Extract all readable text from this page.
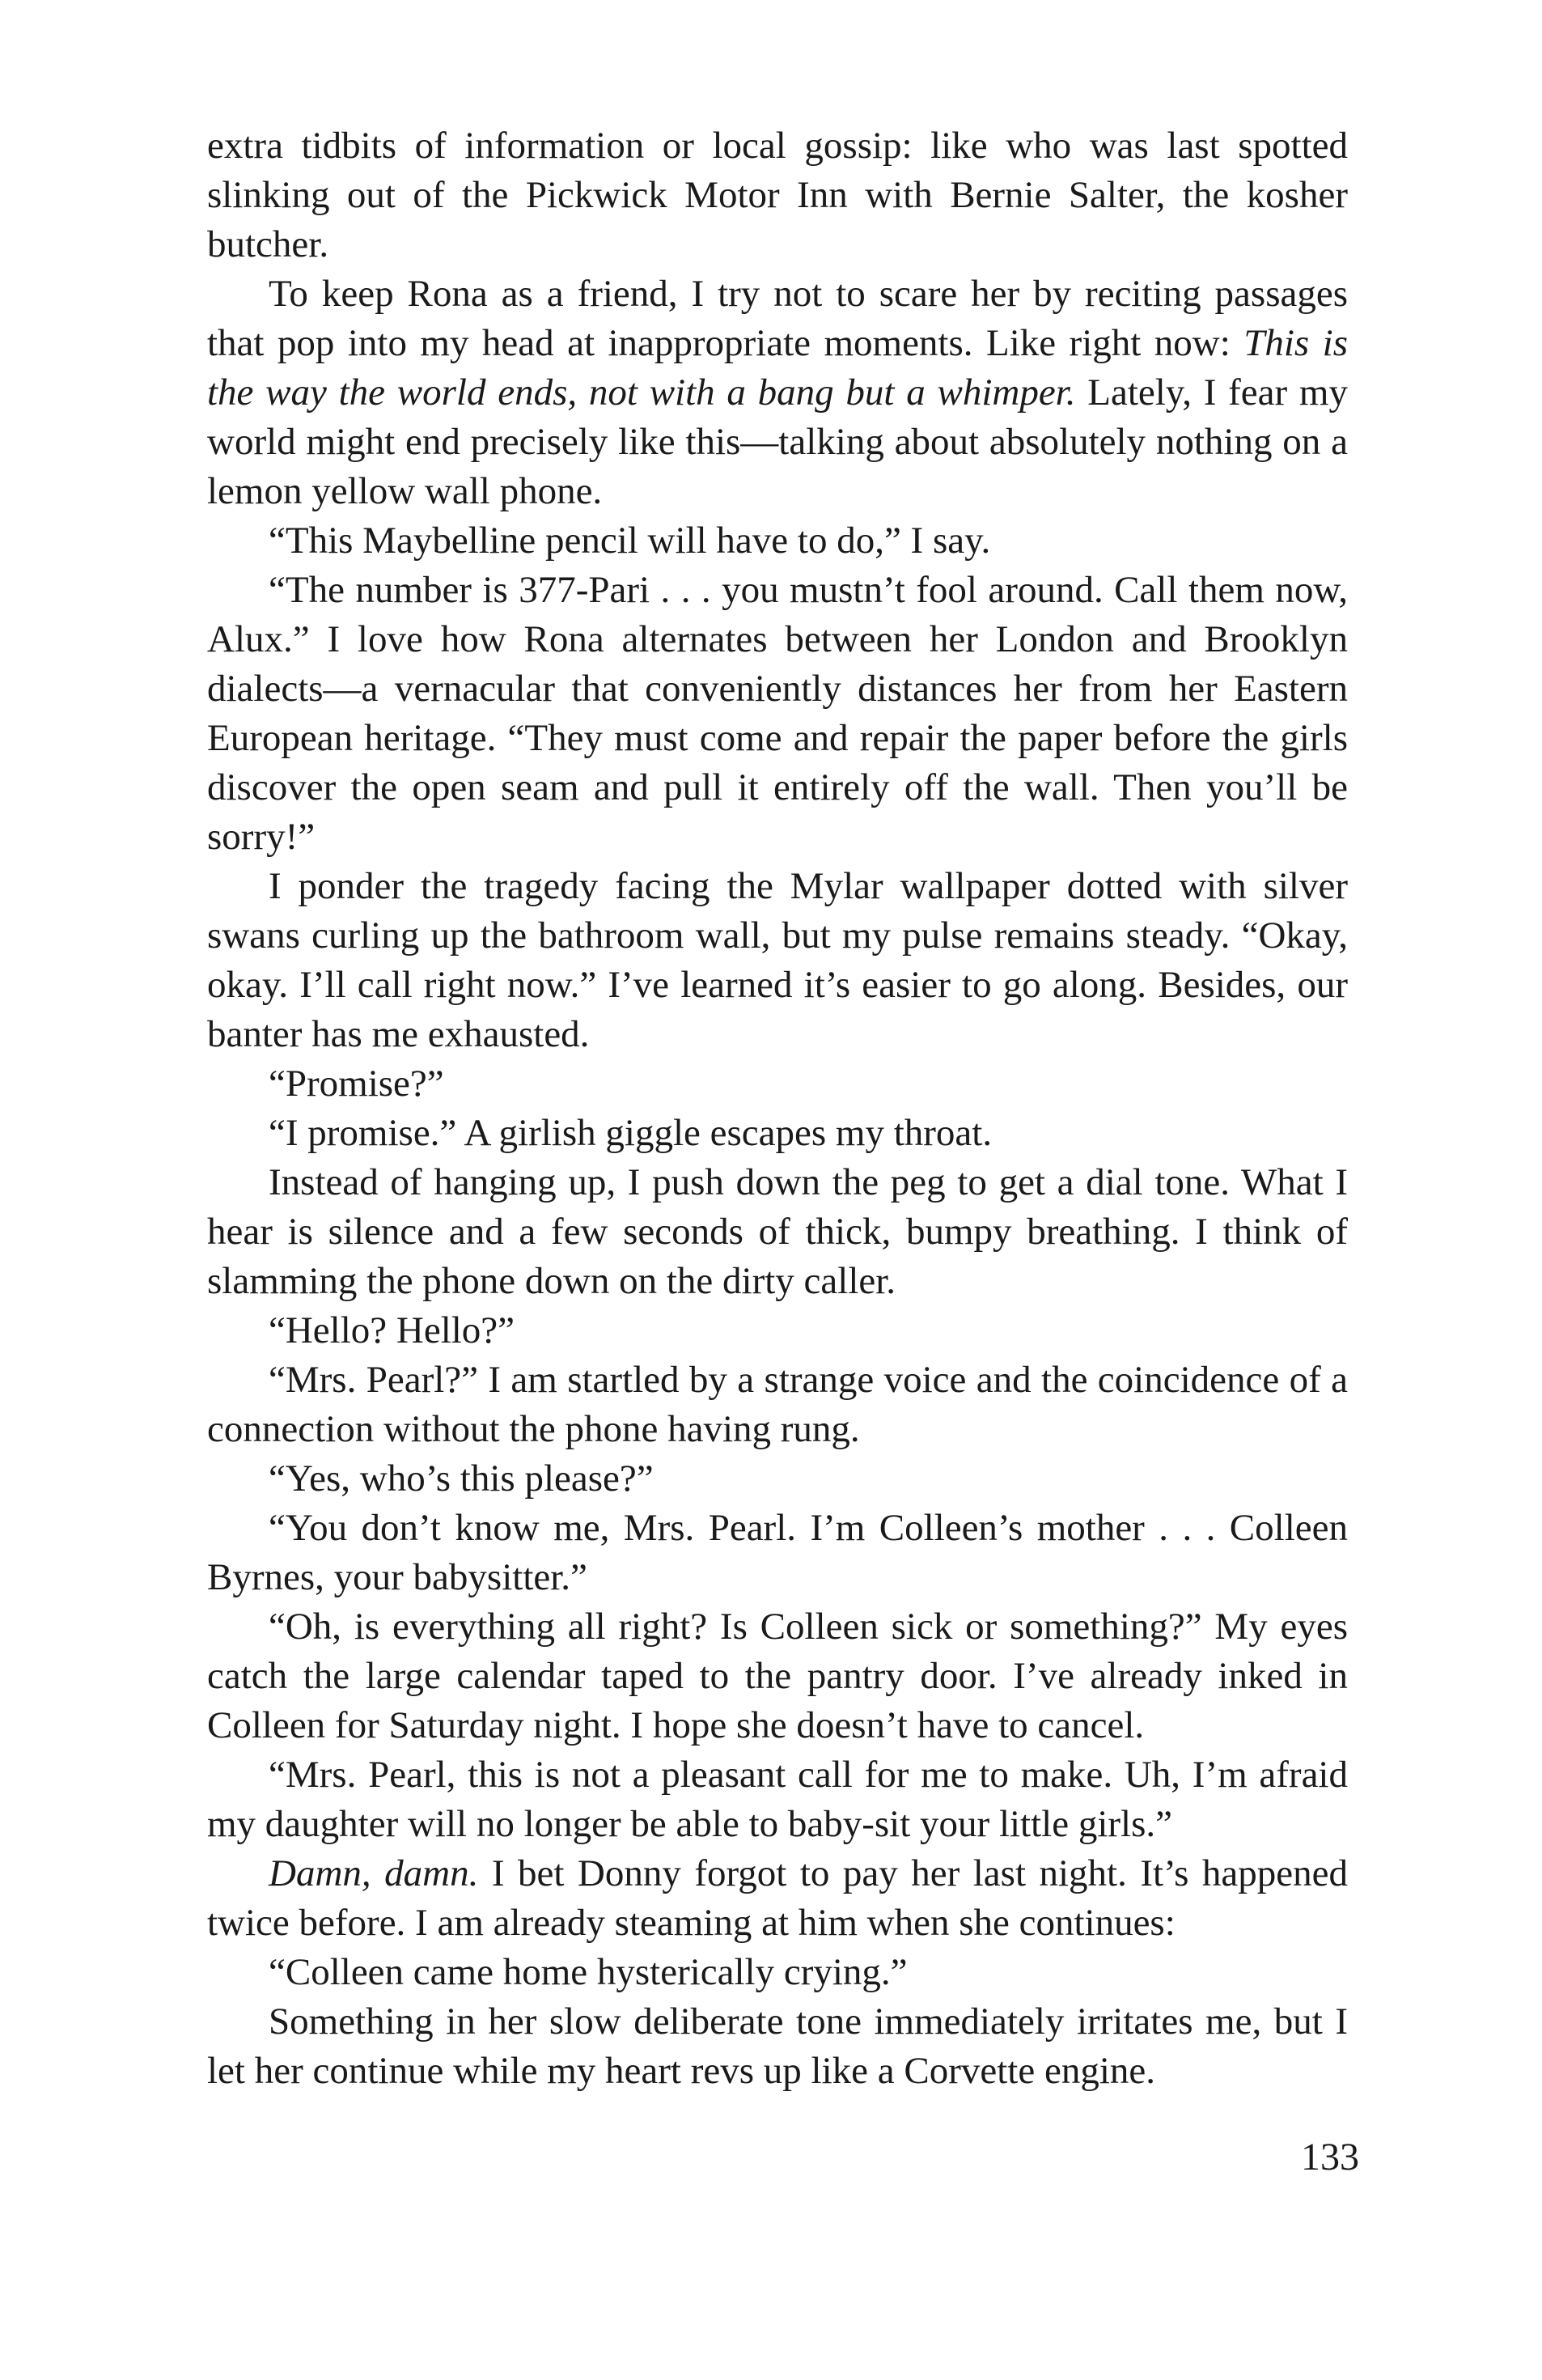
extra tidbits of information or local gossip: like who was last spotted slinking out of the Pickwick Motor Inn with Bernie Salter, the kosher butcher.

To keep Rona as a friend, I try not to scare her by reciting passages that pop into my head at inappropriate moments. Like right now: This is the way the world ends, not with a bang but a whimper. Lately, I fear my world might end precisely like this—talking about absolutely nothing on a lemon yellow wall phone.

“This Maybelline pencil will have to do,” I say.

“The number is 377-Pari . . . you mustn’t fool around. Call them now, Alux.” I love how Rona alternates between her London and Brooklyn dialects—a vernacular that conveniently distances her from her Eastern European heritage. “They must come and repair the paper before the girls discover the open seam and pull it entirely off the wall. Then you’ll be sorry!”

I ponder the tragedy facing the Mylar wallpaper dotted with silver swans curling up the bathroom wall, but my pulse remains steady. “Okay, okay. I’ll call right now.” I’ve learned it’s easier to go along. Besides, our banter has me exhausted.

“Promise?”

“I promise.” A girlish giggle escapes my throat.

Instead of hanging up, I push down the peg to get a dial tone. What I hear is silence and a few seconds of thick, bumpy breathing. I think of slamming the phone down on the dirty caller.

“Hello? Hello?”

“Mrs. Pearl?” I am startled by a strange voice and the coincidence of a connection without the phone having rung.

“Yes, who’s this please?”

“You don’t know me, Mrs. Pearl. I’m Colleen’s mother . . . Colleen Byrnes, your babysitter.”

“Oh, is everything all right? Is Colleen sick or something?” My eyes catch the large calendar taped to the pantry door. I’ve already inked in Colleen for Saturday night. I hope she doesn’t have to cancel.

“Mrs. Pearl, this is not a pleasant call for me to make. Uh, I’m afraid my daughter will no longer be able to baby-sit your little girls.”

Damn, damn. I bet Donny forgot to pay her last night. It’s happened twice before. I am already steaming at him when she continues:

“Colleen came home hysterically crying.”

Something in her slow deliberate tone immediately irritates me, but I let her continue while my heart revs up like a Corvette engine.

133
